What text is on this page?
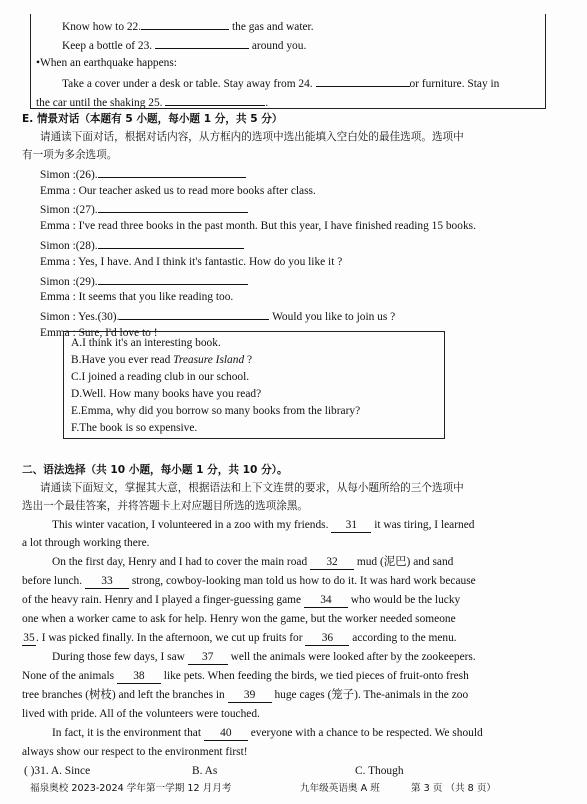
Know how to 22.	the gas and water.
Keep a bottle of 23.	around you.
•When an earthquake happens:
Take a cover under a desk or table. Stay away from 24.	or furniture. Stay in
the car until the shaking 25.	.
E. 情景对话（本题有 5 小题，每小题 1 分，共 5 分）
请通读下面对话，根据对话内容，从方框内的选项中选出能填入空白处的最佳选项。选项中
有一项为多余选项。
Simon :(26).
Emma : Our teacher asked us to read more books after class.
Simon :(27).
Emma : I've read three books in the past month. But this year, I have finished reading 15 books.
Simon :(28).
Emma : Yes, I have. And I think it's fantastic. How do you like it ?
Simon :(29).
Emma : It seems that you like reading too.
Simon : Yes.(30).	Would you like to join us ?
Emma : Sure, I'd love to !
A.I think it's an interesting book.
B.Have you ever read Treasure Island ?
C.I joined a reading club in our school.
D.Well. How many books have you read?
E.Emma, why did you borrow so many books from the library?
F.The book is so expensive.
二、语法选择（共 10 小题，每小题 1 分，共 10 分）。
请通读下面短文，掌握其大意，根据语法和上下文连贯的要求，从每小题所给的三个选项中
选出一个最佳答案，并将答题卡上对应题目所选的选项涂黑。
This winter vacation, I volunteered in a zoo with my friends. 31 it was tiring, I learned
a lot through working there.
On the first day, Henry and I had to cover the main road 32 mud (泥巴) and sand
before lunch. 33 strong, cowboy-looking man told us how to do it. It was hard work because
of the heavy rain. Henry and I played a finger-guessing game 34 who would be the lucky
one when a worker came to ask for help. Henry won the game, but the worker needed someone
35. I was picked finally. In the afternoon, we cut up fruits for 36 according to the menu.
During those few days, I saw 37 well the animals were looked after by the zookeepers.
None of the animals 38 like pets. When feeding the birds, we tied pieces of fruit-onto fresh
tree branches (树枝) and left the branches in 39 huge cages (笼子). The-animals in the zoo
lived with pride. All of the volunteers were touched.
In fact, it is the environment that 40 everyone with a chance to be respected. We should
always show our respect to the environment first!
( )31. A. Since	B. As	C. Though
福泉奥校 2023-2024 学年第一学期 12 月月考	九年级英语奥 A 班	第 3 页 （共 8 页）
